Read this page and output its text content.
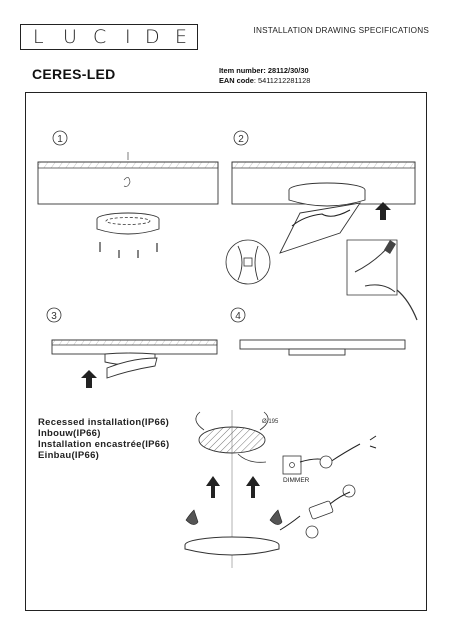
L U C I D E	INSTALLATION DRAWING SPECIFICATIONS
CERES-LED	Item number: 28112/30/30
EAN code: 5411212281128
1	2
3	4
Ø 195
DIMMER
Recessed installation(IP66)
Inbouw(IP66)
Installation encastrée(IP66)
Einbau(IP66)
